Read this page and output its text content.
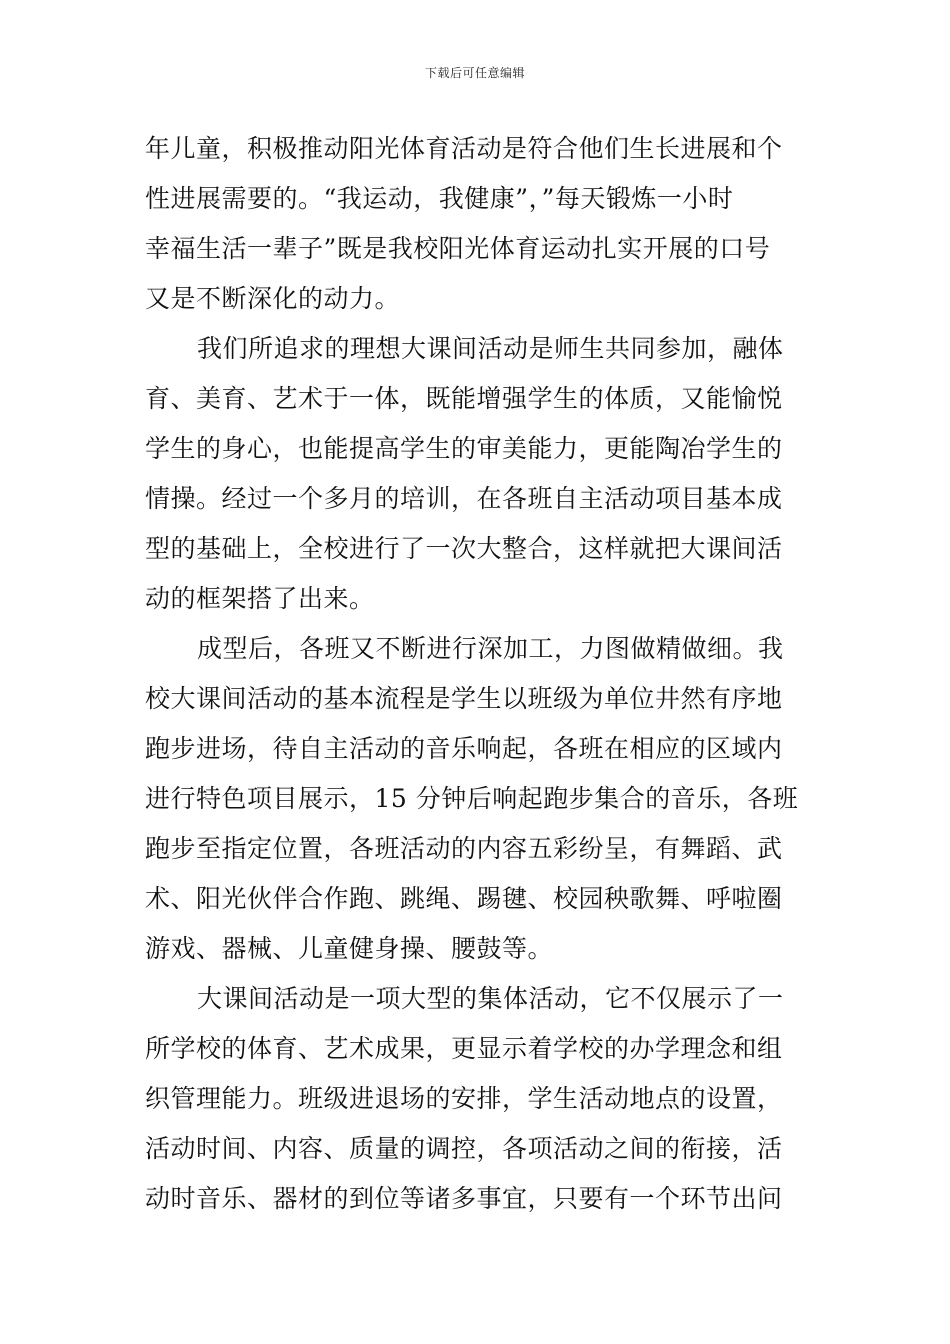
下载后可任意编辑
年儿童，积极推动阳光体育活动是符合他们生长进展和个
性进展需要的。“我运动，我健康”，”每天锻炼一小时
幸福生活一辈子”既是我校阳光体育运动扎实开展的口号
又是不断深化的动力。
我们所追求的理想大课间活动是师生共同参加，融体
育、美育、艺术于一体，既能增强学生的体质，又能愉悦
学生的身心，也能提高学生的审美能力，更能陶冶学生的
情操。经过一个多月的培训，在各班自主活动项目基本成
型的基础上，全校进行了一次大整合，这样就把大课间活
动的框架搭了出来。
成型后，各班又不断进行深加工，力图做精做细。我
校大课间活动的基本流程是学生以班级为单位井然有序地
跑步进场，待自主活动的音乐响起，各班在相应的区域内
进行特色项目展示，15 分钟后响起跑步集合的音乐，各班
跑步至指定位置，各班活动的内容五彩纷呈，有舞蹈、武
术、阳光伙伴合作跑、跳绳、踢毽、校园秧歌舞、呼啦圈
游戏、器械、儿童健身操、腰鼓等。
大课间活动是一项大型的集体活动，它不仅展示了一
所学校的体育、艺术成果，更显示着学校的办学理念和组
织管理能力。班级进退场的安排，学生活动地点的设置，
活动时间、内容、质量的调控，各项活动之间的衔接，活
动时音乐、器材的到位等诸多事宜，只要有一个环节出问
